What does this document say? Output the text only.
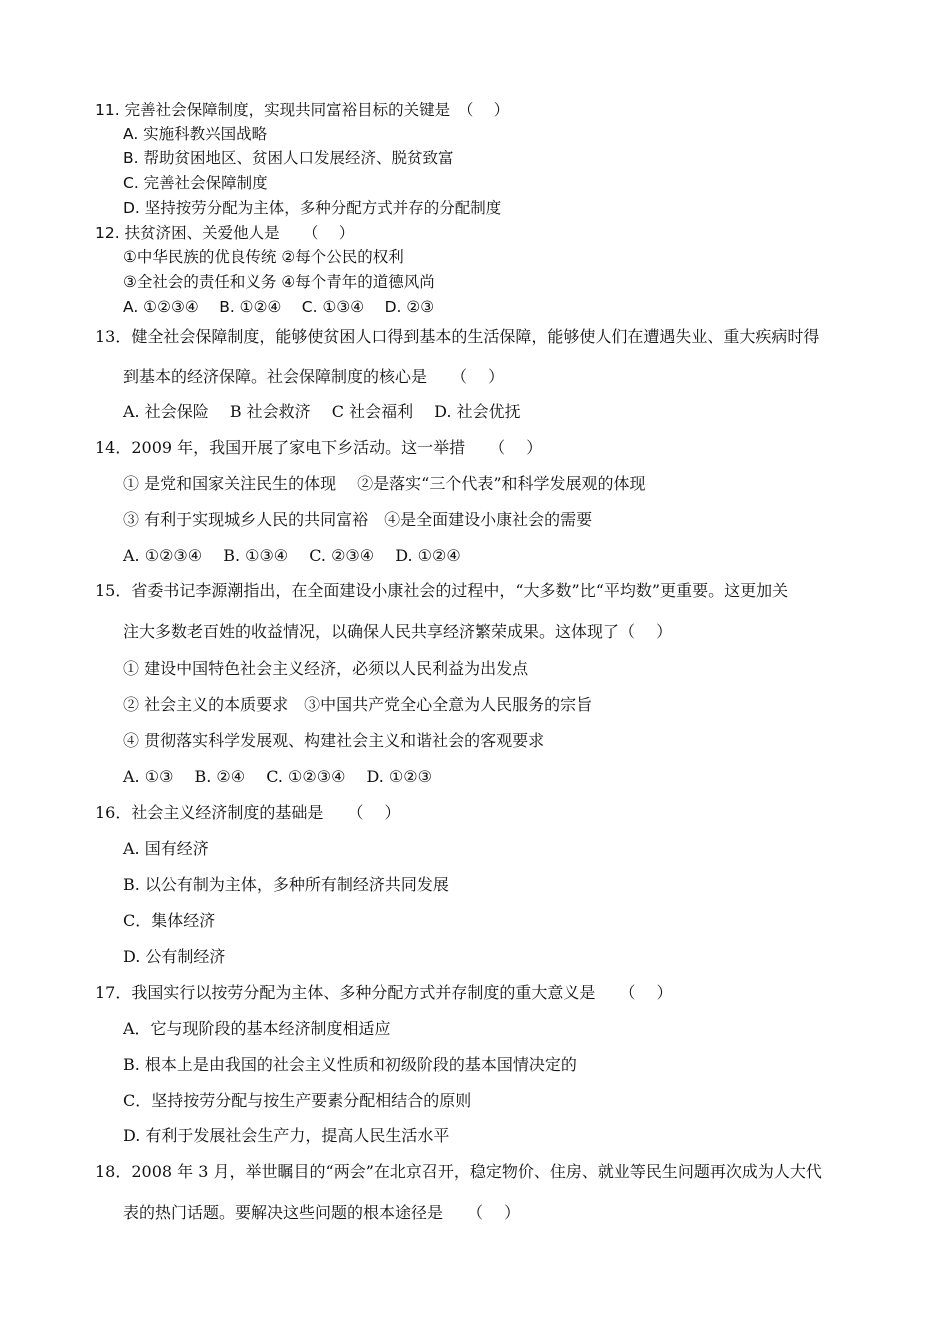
11. 完善社会保障制度，实现共同富裕目标的关键是　（　 ）
A. 实施科教兴国战略
B. 帮助贫困地区、贫困人口发展经济、脱贫致富
C. 完善社会保障制度
D. 坚持按劳分配为主体，多种分配方式并存的分配制度
12. 扶贫济困、关爱他人是　　（　 ）
①中华民族的优良传统 ②每个公民的权利
③全社会的责任和义务 ④每个青年的道德风尚
A. ①②③④　 B. ①②④　 C. ①③④　 D. ②③
13．健全社会保障制度，能够使贫困人口得到基本的生活保障，能够使人们在遭遇失业、重大疾病时得
到基本的经济保障。社会保障制度的核心是　　（　 ）
A. 社会保险　 B 社会救济　 C 社会福利　 D. 社会优抚
14．2009 年，我国开展了家电下乡活动。这一举措　　（　 ）
① 是党和国家关注民生的体现　 ②是落实“三个代表”和科学发展观的体现
③ 有利于实现城乡人民的共同富裕　④是全面建设小康社会的需要
A. ①②③④　 B. ①③④　 C. ②③④　 D. ①②④
15．省委书记李源潮指出，在全面建设小康社会的过程中，“大多数”比“平均数”更重要。这更加关
注大多数老百姓的收益情况，以确保人民共享经济繁荣成果。这体现了（　 ）
① 建设中国特色社会主义经济，必须以人民利益为出发点
② 社会主义的本质要求　③中国共产党全心全意为人民服务的宗旨
④ 贯彻落实科学发展观、构建社会主义和谐社会的客观要求
A. ①③　 B. ②④　 C. ①②③④　 D. ①②③
16．社会主义经济制度的基础是　　（　 ）
A. 国有经济
B. 以公有制为主体，多种所有制经济共同发展
C．集体经济
D. 公有制经济
17．我国实行以按劳分配为主体、多种分配方式并存制度的重大意义是　　（　 ）
A．它与现阶段的基本经济制度相适应
B. 根本上是由我国的社会主义性质和初级阶段的基本国情决定的
C．坚持按劳分配与按生产要素分配相结合的原则
D. 有利于发展社会生产力，提高人民生活水平
18．2008 年 3 月，举世瞩目的“两会”在北京召开，稳定物价、住房、就业等民生问题再次成为人大代
表的热门话题。要解决这些问题的根本途径是　　（　 ）
